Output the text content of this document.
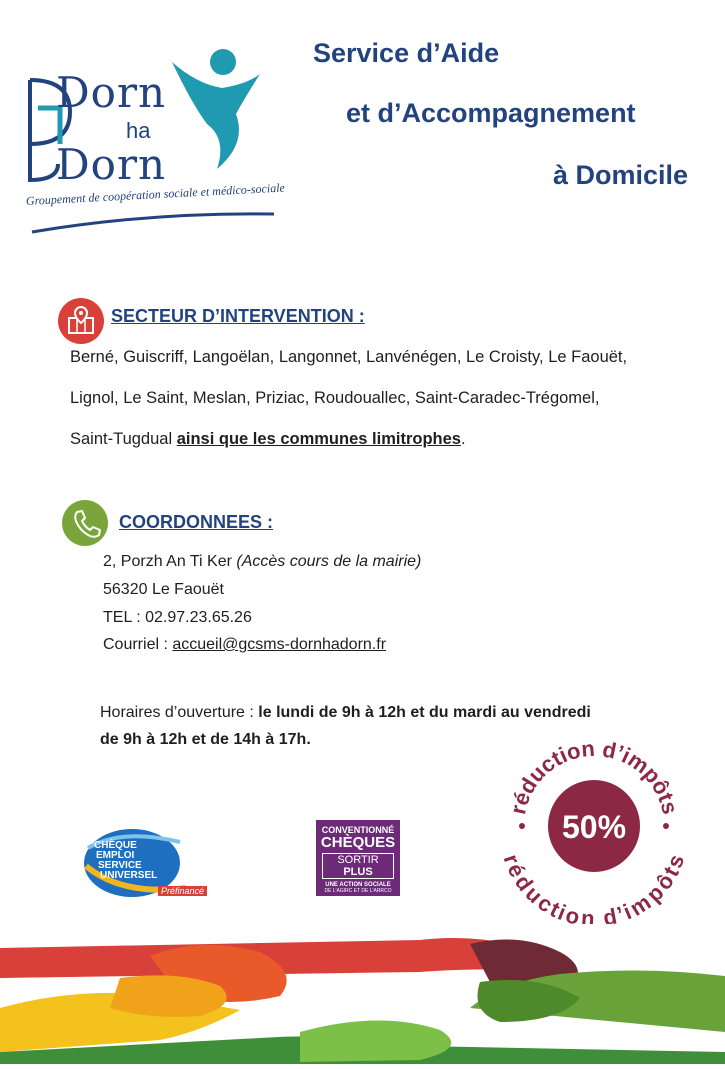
Dorn
ha
Dorn
Groupement de coopération sociale et médico-sociale
Service d’Aide
et d’Accompagnement
à Domicile
SECTEUR D’INTERVENTION :
Berné, Guiscriff, Langoëlan, Langonnet, Lanvénégen, Le Croisty, Le Faouët,
Lignol, Le Saint, Meslan, Priziac, Roudouallec, Saint-Caradec-Trégomel,
Saint-Tugdual ainsi que les communes limitrophes.
COORDONNEES :
2, Porzh An Ti Ker (Accès cours de la mairie)
56320 Le Faouët
TEL : 02.97.23.65.26
Courriel : accueil@gcsms-dornhadorn.fr
Horaires d’ouverture : le lundi de 9h à 12h et du mardi au vendredi
de 9h à 12h et de 14h à 17h.
réduction d’impôts
réduction d’impôts
50%
CHÈQUE
EMPLOI
SERVICE
UNIVERSEL
Préfinancé
CONVENTIONNÉ
CHÈQUES
SORTIR PLUS
UNE ACTION SOCIALE
DE L'AGIRC ET DE L'ARRCO
